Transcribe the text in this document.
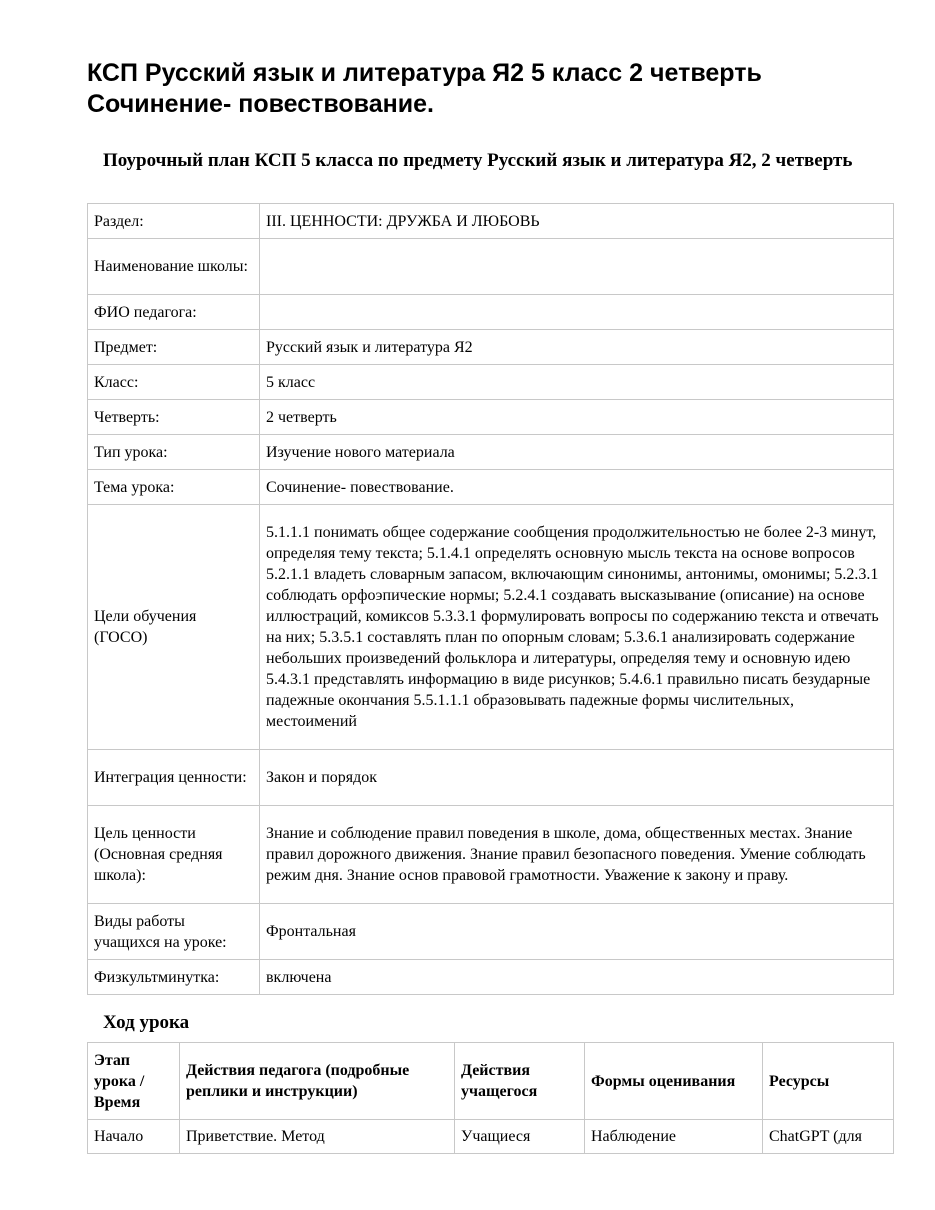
КСП Русский язык и литература Я2 5 класс 2 четверть
Сочинение- повествование.
Поурочный план КСП 5 класса по предмету Русский язык и литература Я2, 2 четверть
Раздел:	III. ЦЕННОСТИ: ДРУЖБА И ЛЮБОВЬ
Наименование школы:	
ФИО педагога:	
Предмет:	Русский язык и литература Я2
Класс:	5 класс
Четверть:	2 четверть
Тип урока:	Изучение нового материала
Тема урока:	Сочинение- повествование.
Цели обучения (ГОСО)	5.1.1.1 понимать общее содержание сообщения продолжительностью не более 2-3 минут, определяя тему текста; 5.1.4.1 определять основную мысль текста на основе вопросов 5.2.1.1 владеть словарным запасом, включающим синонимы, антонимы, омонимы; 5.2.3.1 соблюдать орфоэпические нормы; 5.2.4.1 создавать высказывание (описание) на основе иллюстраций, комиксов 5.3.3.1 формулировать вопросы по содержанию текста и отвечать на них; 5.3.5.1 составлять план по опорным словам; 5.3.6.1 анализировать содержание небольших произведений фольклора и литературы, определяя тему и основную идею 5.4.3.1 представлять информацию в виде рисунков; 5.4.6.1 правильно писать безударные падежные окончания 5.5.1.1.1 образовывать падежные формы числительных, местоимений
Интеграция ценности:	Закон и порядок
Цель ценности (Основная средняя школа):	Знание и соблюдение правил поведения в школе, дома, общественных местах. Знание правил дорожного движения. Знание правил безопасного поведения. Умение соблюдать режим дня. Знание основ правовой грамотности. Уважение к закону и праву.
Виды работы учащихся на уроке:	Фронтальная
Физкультминутка:	включена
Ход урока
Этап урока / Время	Действия педагога (подробные реплики и инструкции)	Действия учащегося	Формы оценивания	Ресурсы
Начало	Приветствие. Метод	Учащиеся	Наблюдение	ChatGPT (для
